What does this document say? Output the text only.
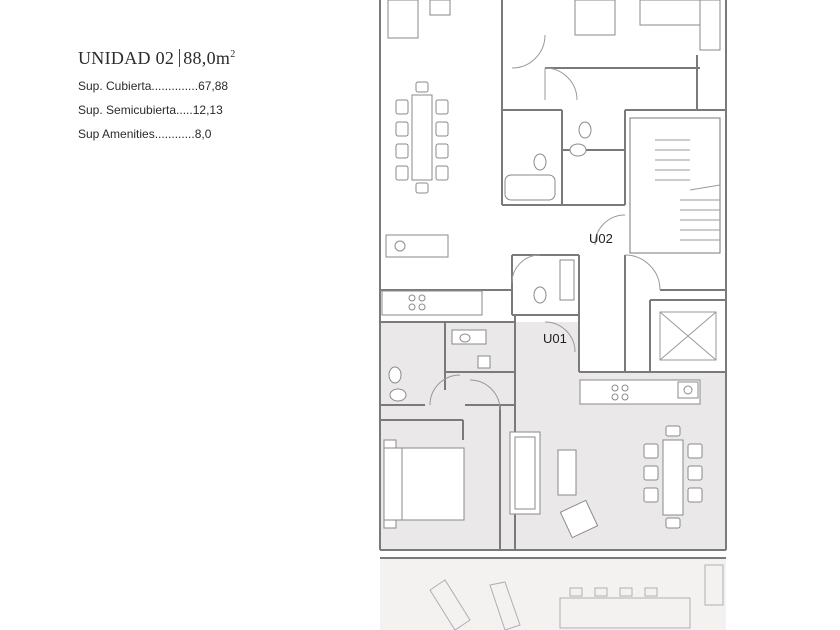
UNIDAD 02 $88,0m^2$
Sup. Cubierta..............67,88
Sup. Semicubierta.....12,13
Sup Amenities............8,0
U02
U01
